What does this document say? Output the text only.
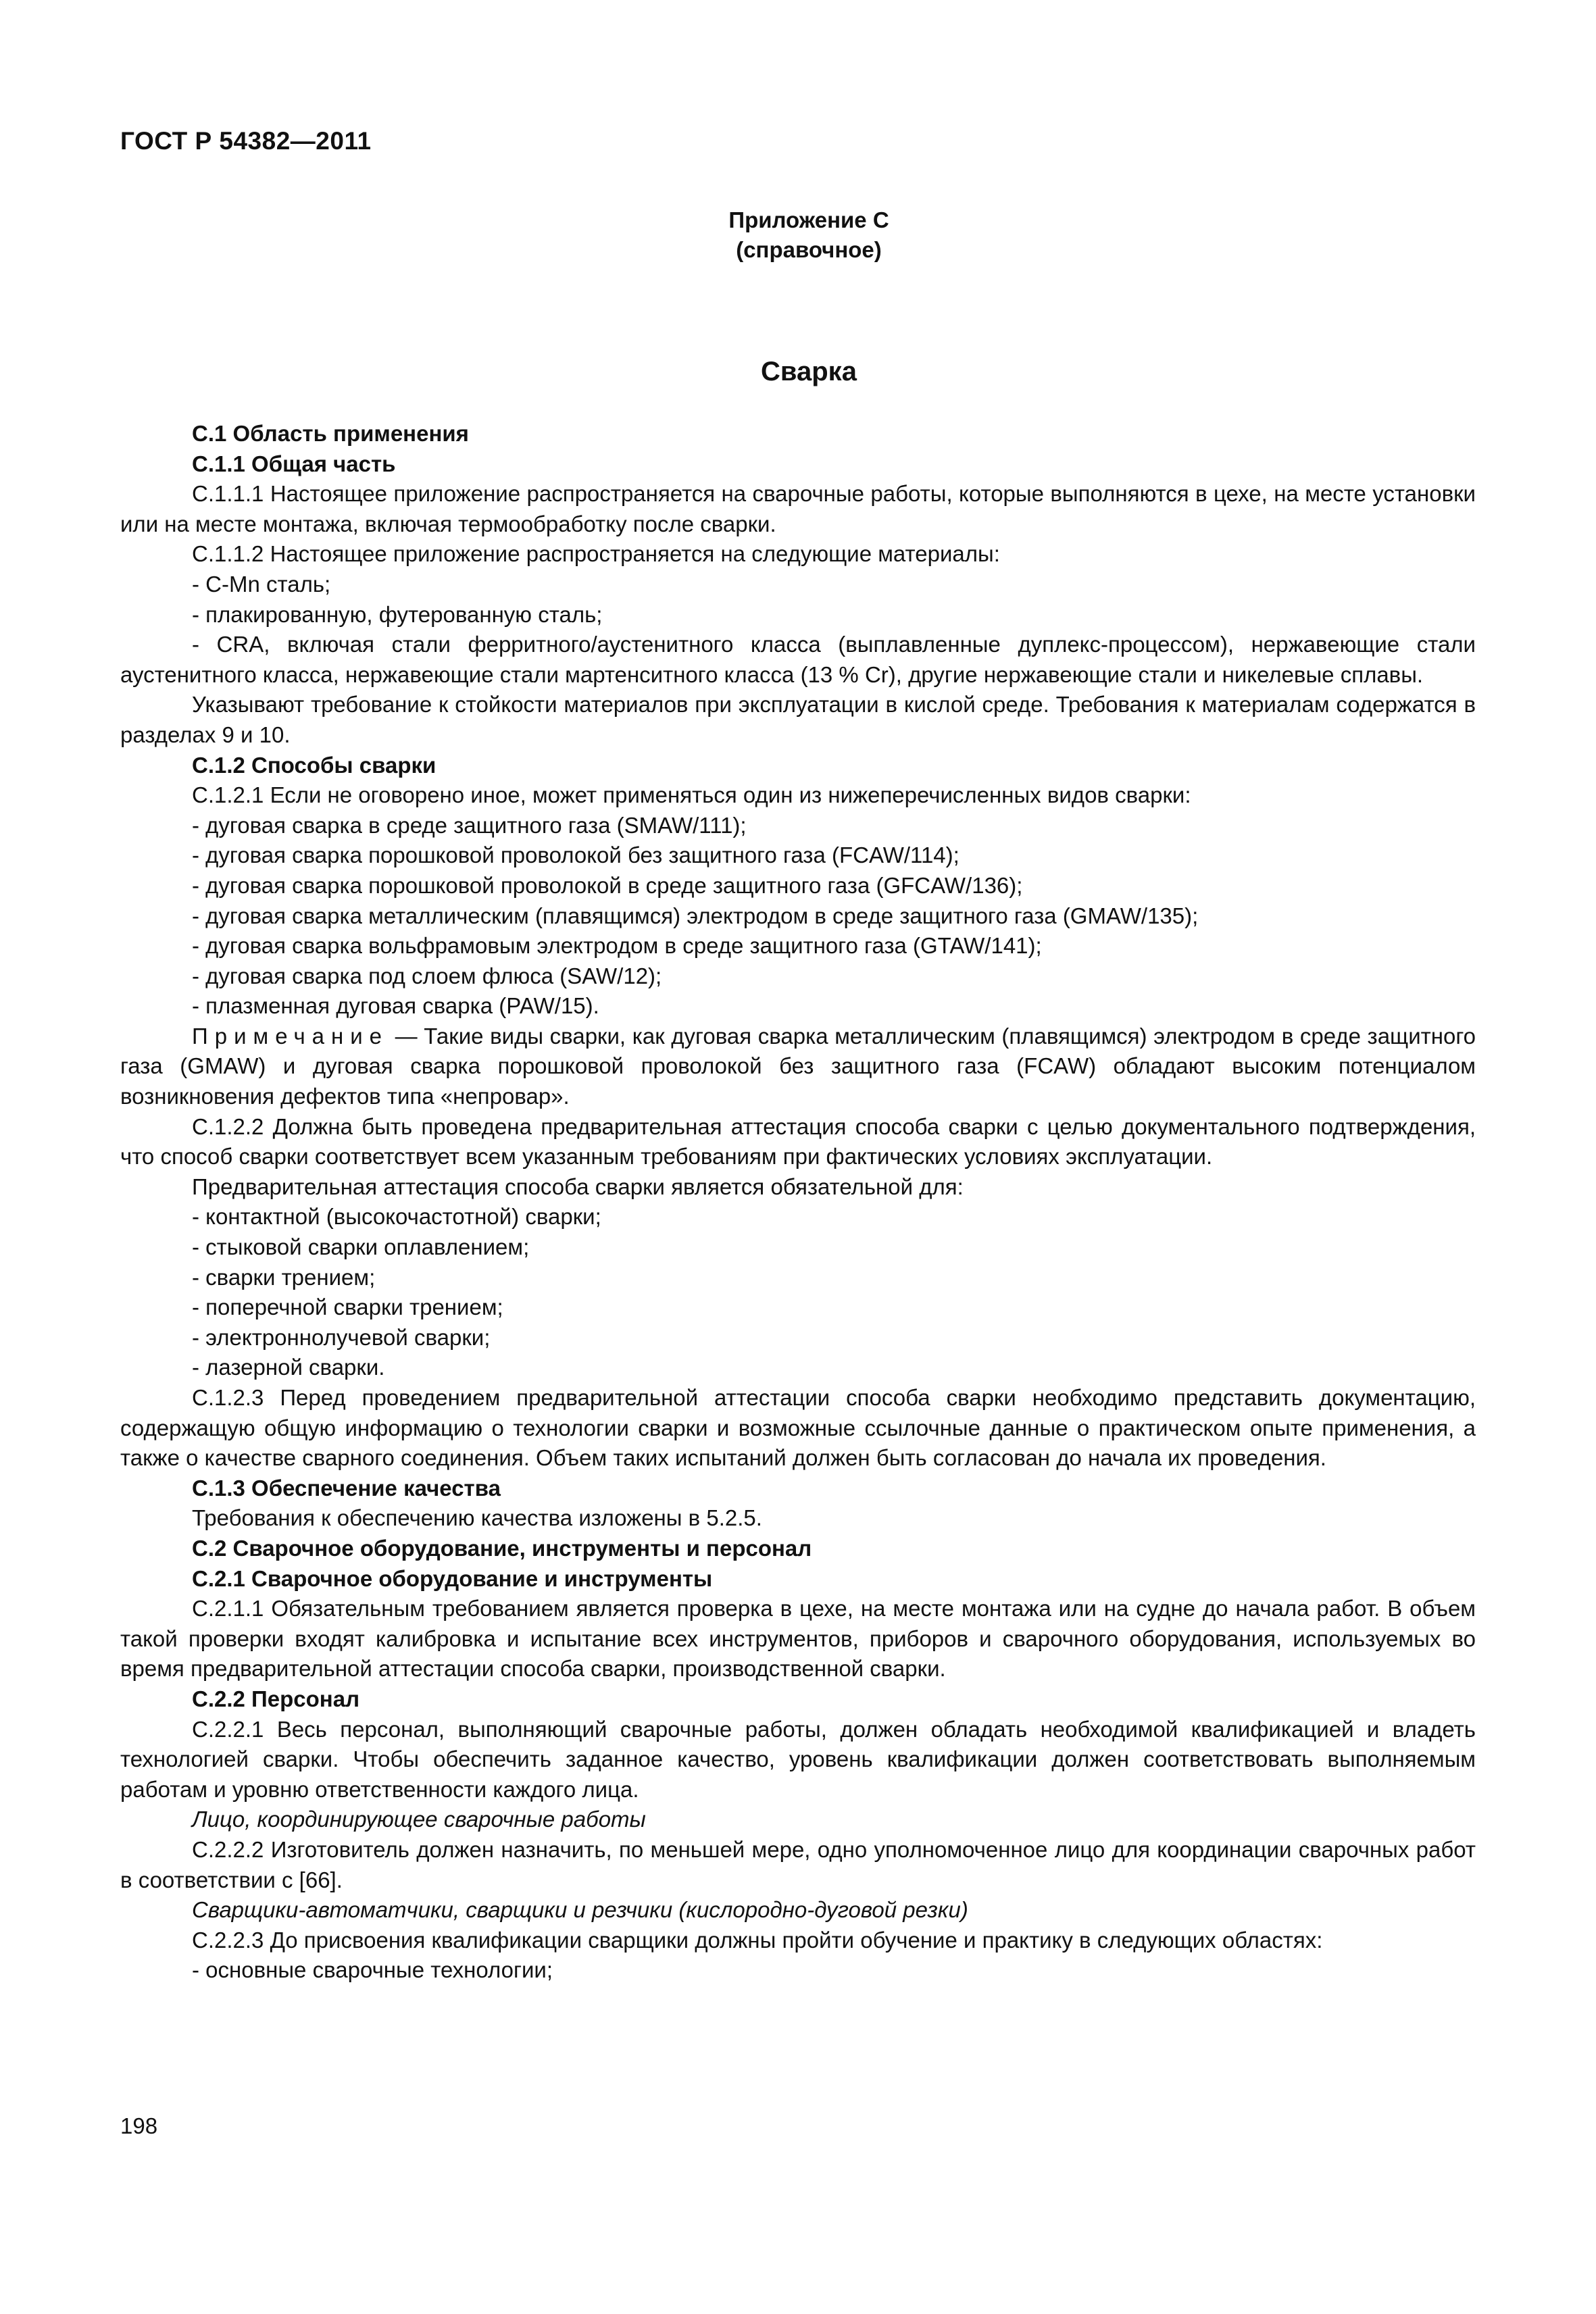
ГОСТ Р 54382—2011
Приложение С
(справочное)
Сварка
С.1 Область применения
С.1.1 Общая часть

С.1.1.1 Настоящее приложение распространяется на сварочные работы, которые выполняются в цехе, на месте установки или на месте монтажа, включая термообработку после сварки.

С.1.1.2 Настоящее приложение распространяется на следующие материалы:

- C-Mn сталь;
- плакированную, футерованную сталь;

- CRA, включая стали ферритного/аустенитного класса (выплавленные дуплекс-процессом), нержавеющие стали аустенитного класса, нержавеющие стали мартенситного класса (13 % Cr), другие нержавеющие стали и никелевые сплавы.

Указывают требование к стойкости материалов при эксплуатации в кислой среде. Требования к материалам содержатся в разделах 9 и 10.

С.1.2 Способы сварки

С.1.2.1 Если не оговорено иное, может применяться один из нижеперечисленных видов сварки:

- дуговая сварка в среде защитного газа (SMAW/111);
- дуговая сварка порошковой проволокой без защитного газа (FCAW/114);
- дуговая сварка порошковой проволокой в среде защитного газа (GFCAW/136);
- дуговая сварка металлическим (плавящимся) электродом в среде защитного газа (GMAW/135);
- дуговая сварка вольфрамовым электродом в среде защитного газа (GTAW/141);
- дуговая сварка под слоем флюса (SAW/12);
- плазменная дуговая сварка (PAW/15).

Примечание — Такие виды сварки, как дуговая сварка металлическим (плавящимся) электродом в среде защитного газа (GMAW) и дуговая сварка порошковой проволокой без защитного газа (FCAW) обладают высоким потенциалом возникновения дефектов типа «непровар».

С.1.2.2 Должна быть проведена предварительная аттестация способа сварки с целью документального подтверждения, что способ сварки соответствует всем указанным требованиям при фактических условиях эксплуатации.

Предварительная аттестация способа сварки является обязательной для:

- контактной (высокочастотной) сварки;
- стыковой сварки оплавлением;
- сварки трением;
- поперечной сварки трением;
- электроннолучевой сварки;
- лазерной сварки.

С.1.2.3 Перед проведением предварительной аттестации способа сварки необходимо представить документацию, содержащую общую информацию о технологии сварки и возможные ссылочные данные о практическом опыте применения, а также о качестве сварного соединения. Объем таких испытаний должен быть согласован до начала их проведения.

С.1.3 Обеспечение качества

Требования к обеспечению качества изложены в 5.2.5.

С.2 Сварочное оборудование, инструменты и персонал
С.2.1 Сварочное оборудование и инструменты

С.2.1.1 Обязательным требованием является проверка в цехе, на месте монтажа или на судне до начала работ. В объем такой проверки входят калибровка и испытание всех инструментов, приборов и сварочного оборудования, используемых во время предварительной аттестации способа сварки, производственной сварки.

С.2.2 Персонал

С.2.2.1 Весь персонал, выполняющий сварочные работы, должен обладать необходимой квалификацией и владеть технологией сварки. Чтобы обеспечить заданное качество, уровень квалификации должен соответствовать выполняемым работам и уровню ответственности каждого лица.

Лицо, координирующее сварочные работы

С.2.2.2 Изготовитель должен назначить, по меньшей мере, одно уполномоченное лицо для координации сварочных работ в соответствии с [66].

Сварщики-автоматчики, сварщики и резчики (кислородно-дуговой резки)

С.2.2.3 До присвоения квалификации сварщики должны пройти обучение и практику в следующих областях:

- основные сварочные технологии;
198
